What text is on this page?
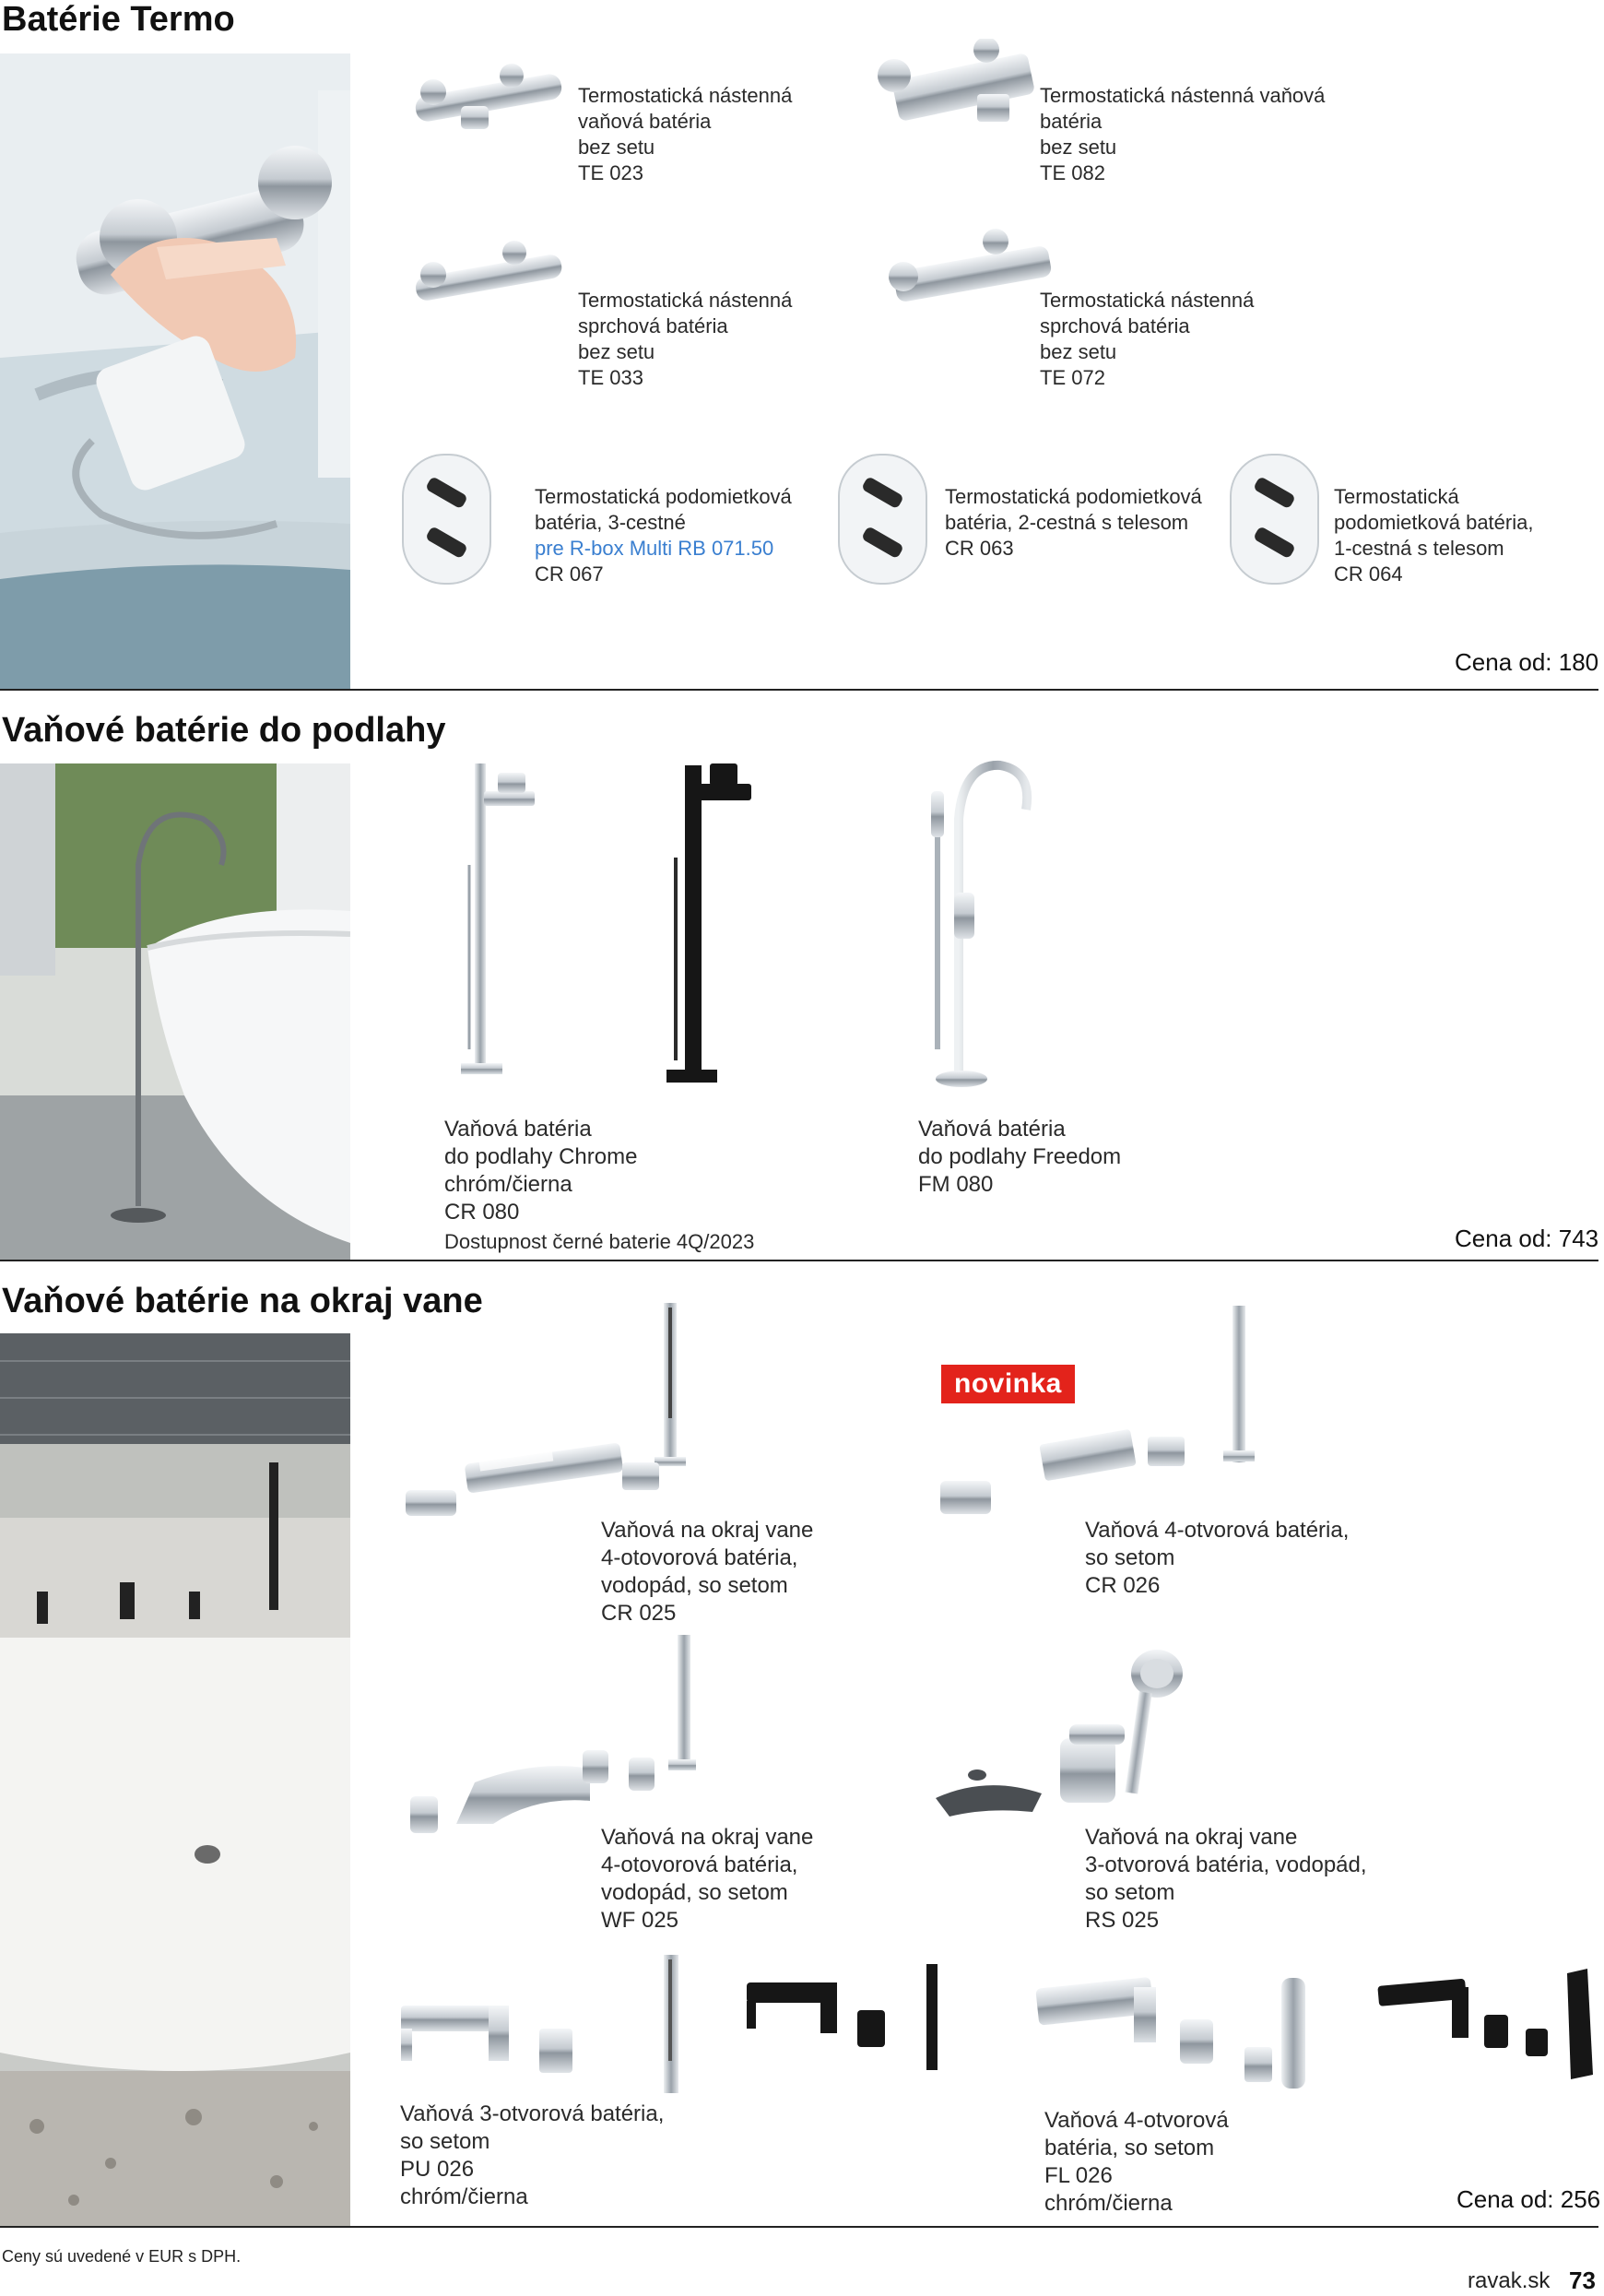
Batérie Termo
Termostatická nástenná
vaňová batéria
bez setu
TE 023
Termostatická nástenná vaňová
batéria
bez setu
TE 082
Termostatická nástenná
sprchová batéria
bez setu
TE 033
Termostatická nástenná
sprchová batéria
bez setu
TE 072
Termostatická podomietková
batéria, 3-cestné
pre R-box Multi RB 071.50
CR 067
Termostatická podomietková
batéria, 2-cestná s telesom
CR 063
Termostatická
podomietková batéria,
1-cestná s telesom
CR 064
Cena od: 180
Vaňové batérie do podlahy
Vaňová batéria
do podlahy Chrome
chróm/čierna
CR 080
Dostupnost černé baterie 4Q/2023
Vaňová batéria
do podlahy Freedom
FM 080
Cena od: 743
Vaňové batérie na okraj vane
novinka
Vaňová na okraj vane
4-otovorová batéria,
vodopád, so setom
CR 025
Vaňová 4-otvorová batéria,
so setom
CR 026
Vaňová na okraj vane
4-otovorová batéria,
vodopád, so setom
WF 025
Vaňová na okraj vane
3-otvorová batéria, vodopád,
so setom
RS 025
Vaňová 3-otvorová batéria,
so setom
PU 026
chróm/čierna
Vaňová 4-otvorová
batéria, so setom
FL 026
chróm/čierna	Cena od: 256
Ceny sú uvedené v EUR s DPH.
ravak.sk 73
